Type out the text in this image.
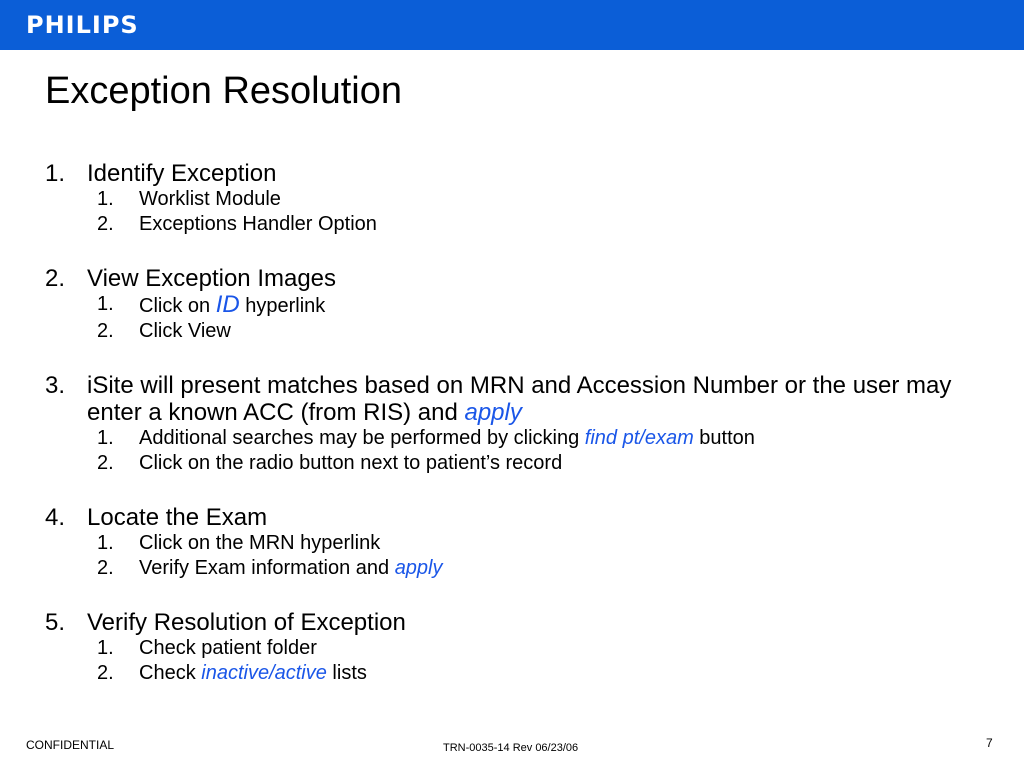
PHILIPS
Exception Resolution
1. Identify Exception
1. Worklist Module
2. Exceptions Handler Option
2. View Exception Images
1. Click on ID hyperlink
2. Click View
3. iSite will present matches based on MRN and Accession Number or the user may enter a known ACC (from RIS) and apply
1. Additional searches may be performed by clicking find pt/exam button
2. Click on the radio button next to patient’s record
4. Locate the Exam
1. Click on the MRN hyperlink
2. Verify Exam information and apply
5. Verify Resolution of Exception
1. Check patient folder
2. Check inactive/active lists
CONFIDENTIAL	TRN-0035-14 Rev 06/23/06	7
